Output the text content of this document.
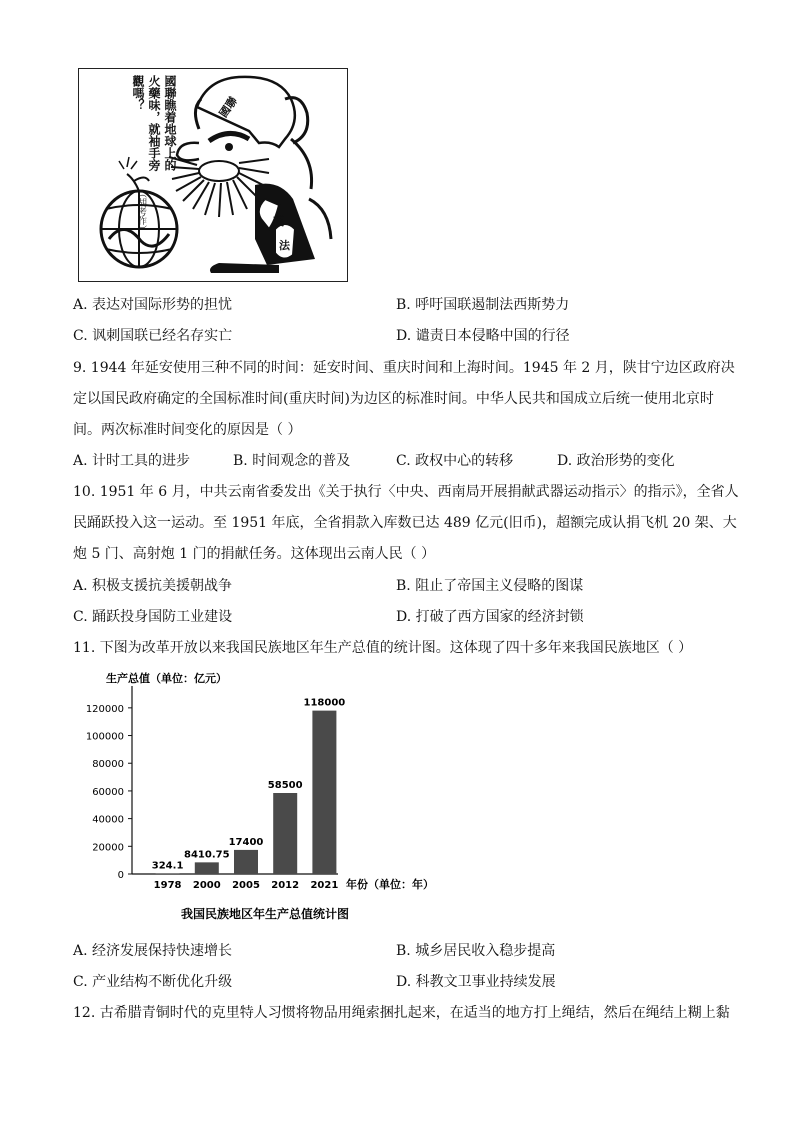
國聯瞧着地球上的
火藥味，就袖手旁
觀嗎？
（胡考作）
國聯
英
法
A. 表达对国际形势的担忧	B. 呼吁国联遏制法西斯势力
C. 讽刺国联已经名存实亡	D. 谴责日本侵略中国的行径
9. 1944 年延安使用三种不同的时间：延安时间、重庆时间和上海时间。1945 年 2 月，陕甘宁边区政府决
定以国民政府确定的全国标准时间(重庆时间)为边区的标准时间。中华人民共和国成立后统一使用北京时
间。两次标准时间变化的原因是（ ）
A. 计时工具的进步	B. 时间观念的普及	C. 政权中心的转移	D. 政治形势的变化
10. 1951 年 6 月，中共云南省委发出《关于执行〈中央、西南局开展捐献武器运动指示〉的指示》，全省人
民踊跃投入这一运动。至 1951 年底，全省捐款入库数已达 489 亿元(旧币)，超额完成认捐飞机 20 架、大
炮 5 门、高射炮 1 门的捐献任务。这体现出云南人民（ ）
A. 积极支援抗美援朝战争	B. 阻止了帝国主义侵略的图谋
C. 踊跃投身国防工业建设	D. 打破了西方国家的经济封锁
11. 下图为改革开放以来我国民族地区年生产总值的统计图。这体现了四十多年来我国民族地区（ ）
生产总值（单位：亿元）
0
20000
40000
60000
80000
100000
120000
324.1
1978
8410.75
2000
17400
2005
58500
2012
118000
2021 年份（单位：年）
我国民族地区年生产总值统计图
A. 经济发展保持快速增长	B. 城乡居民收入稳步提高
C. 产业结构不断优化升级	D. 科教文卫事业持续发展
12. 古希腊青铜时代的克里特人习惯将物品用绳索捆扎起来，在适当的地方打上绳结，然后在绳结上糊上黏
